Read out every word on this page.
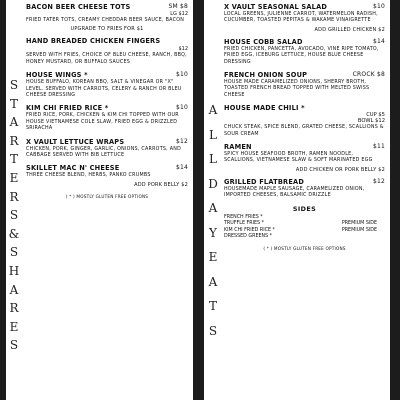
S
T
A
R
T
E
R
S
&
S
H
A
R
E
S
BACON BEER CHEESE TOTS	SM $8
LG $12
FRIED TATER TOTS, CREAMY CHEDDAR BEER SAUCE, BACON
UPGRADE TO FRIES FOR $1
HAND BREADED CHICKEN FINGERS
$12
SERVED WITH FRIES, CHOICE OF BLEU CHEESE, RANCH, BBQ, HONEY MUSTARD, OR BUFFALO SAUCES
HOUSE WINGS *	$10
HOUSE BUFFALO, KOREAN BBQ, SALT & VINEGAR OR "X" LEVEL. SERVED WITH CARROTS, CELERY & RANCH OR BLEU CHEESE DRESSING
KIM CHI FRIED RICE *	$10
FRIED RICE, PORK, CHICKEN & KIM CHI TOPPED WITH OUR HOUSE VIETNAMESE COLE SLAW, FRIED EGG & DRIZZLED SRIRACHA
X VAULT LETTUCE WRAPS	$12
CHICKEN, PORK, GINGER, GARLIC, ONIONS, CARROTS, AND CABBAGE SERVED WITH BIB LETTUCE
SKILLET MAC N' CHEESE	$14
THREE CHEESE BLEND, HERBS, PANKO CRUMBS
ADD PORK BELLY $2
( * ) MOSTLY GLUTEN FREE OPTIONS
A
L
L
D
A
Y
E
A
T
S
X VAULT SEASONAL SALAD	$10
LOCAL GREENS, JULIENNE CARROT, WATERMELON RADISH, CUCUMBER, TOASTED PEPITAS & WAKAME VINAIGRETTE
ADD GRILLED CHICKEN $2
HOUSE COBB SALAD	$14
FRIED CHICKEN, PANCETTA, AVOCADO, VINE RIPE TOMATO, FRIED EGG, ICEBURG LETTUCE, HOUSE BLUE CHEESE DRESSING
FRENCH ONION SOUP	CROCK $8
HOUSE MADE CARAMELIZED ONIONS, SHERRY BROTH, TOASTED FRENCH BREAD TOPPED WITH MELTED SWISS CHEESE
HOUSE MADE CHILI *
CUP $5
BOWL $12
CHUCK STEAK, SPICE BLEND, GRATED CHEESE, SCALLIONS & SOUR CREAM
RAMEN	$11
SPICY HOUSE SEAFOOD BROTH, RAMEN NOODLE, SCALLIONS, VIETNAMESE SLAW & SOFT MARINATED EGG
ADD CHICKEN OR PORK BELLY $2
GRILLED FLATBREAD	$12
HOUSEMADE MAPLE SAUSAGE, CARAMELIZED ONION, IMPORTED CHEESES, BALSAMIC DRIZZLE
SIDES
FRENCH FRIES *
TRUFFLE FRIES *	PREMIUM SIDE
KIM CHI FRIED RICE *	PREMIUM SIDE
DRESSED GREENS *
( * ) MOSTLY GLUTEN FREE OPTIONS
